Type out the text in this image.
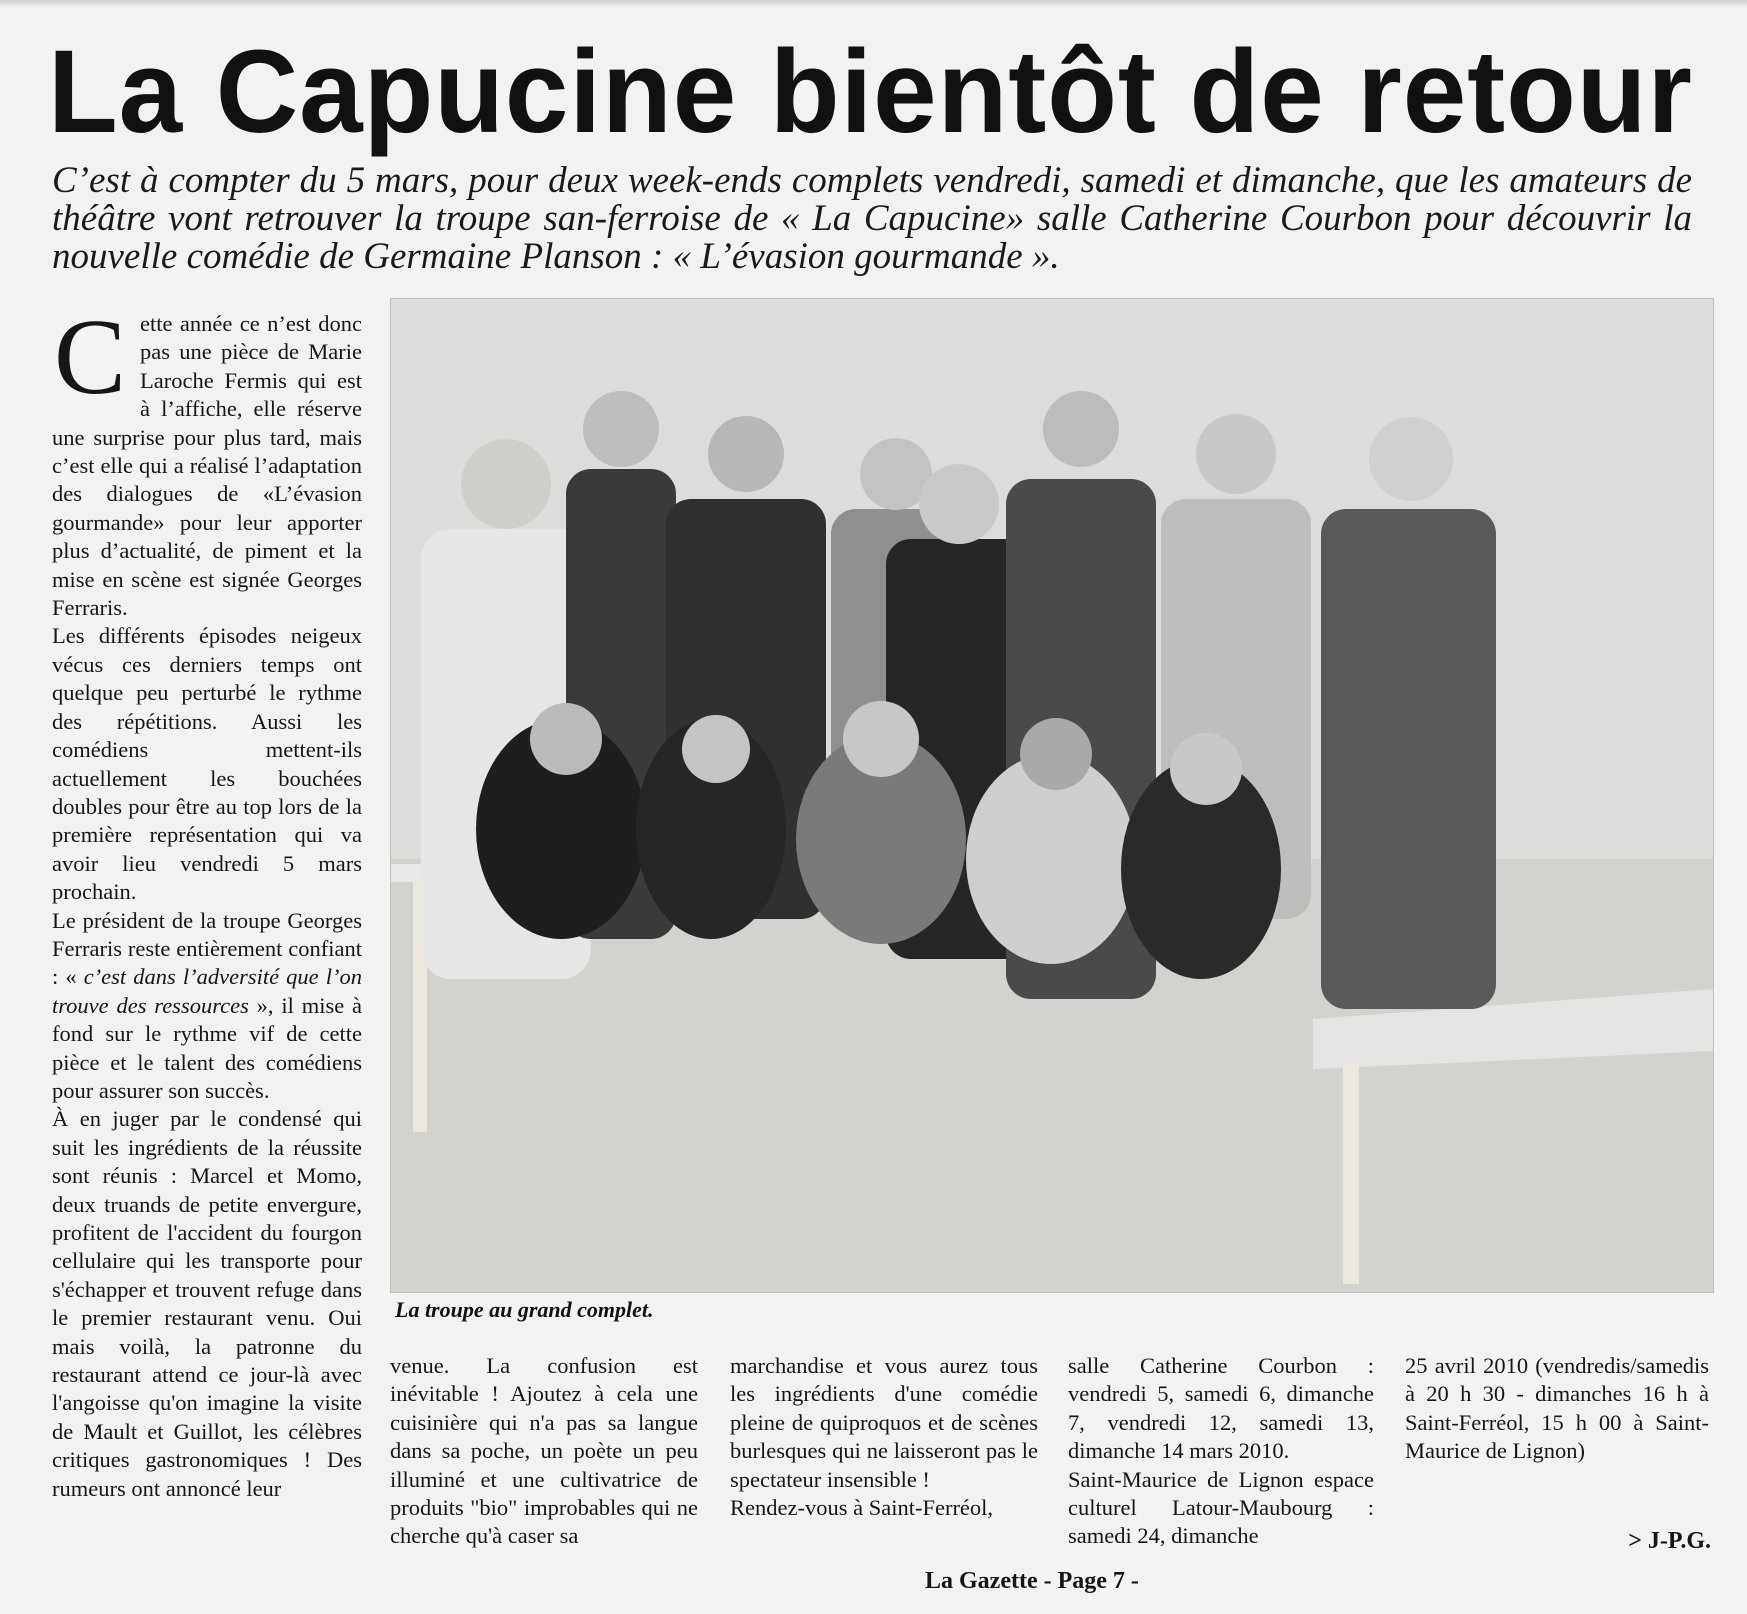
La Capucine bientôt de retour

C’est à compter du 5 mars, pour deux week-ends complets vendredi, samedi et dimanche, que les amateurs de théâtre vont retrouver la troupe san-ferroise de « La Capucine» salle Catherine Courbon pour découvrir la nouvelle comédie de Germaine Planson : « L’évasion gourmande ».

Cette année ce n’est donc pas une pièce de Marie Laroche Fermis qui est à l’affiche, elle réserve une surprise pour plus tard, mais c’est elle qui a réalisé l’adaptation des dialogues de «L’évasion gourmande» pour leur apporter plus d’actualité, de piment et la mise en scène est signée Georges Ferraris.

Les différents épisodes neigeux vécus ces derniers temps ont quelque peu perturbé le rythme des répétitions. Aussi les comédiens mettent-ils actuellement les bouchées doubles pour être au top lors de la première représentation qui va avoir lieu vendredi 5 mars prochain.

Le président de la troupe Georges Ferraris reste entièrement confiant : « c’est dans l’adversité que l’on trouve des ressources », il mise à fond sur le rythme vif de cette pièce et le talent des comédiens pour assurer son succès.

À en juger par le condensé qui suit les ingrédients de la réussite sont réunis : Marcel et Momo, deux truands de petite envergure, profitent de l'accident du fourgon cellulaire qui les transporte pour s'échapper et trouvent refuge dans le premier restaurant venu. Oui mais voilà, la patronne du restaurant attend ce jour-là avec l'angoisse qu'on imagine la visite de Mault et Guillot, les célèbres critiques gastronomiques ! Des rumeurs ont annoncé leur

La troupe au grand complet.

venue. La confusion est inévitable ! Ajoutez à cela une cuisinière qui n'a pas sa langue dans sa poche, un poète un peu illuminé et une cultivatrice de produits "bio" improbables qui ne cherche qu'à caser sa

marchandise et vous aurez tous les ingrédients d'une comédie pleine de quiproquos et de scènes burlesques qui ne laisseront pas le spectateur insensible !

Rendez-vous à Saint-Ferréol,

salle Catherine Courbon : vendredi 5, samedi 6, dimanche 7, vendredi 12, samedi 13, dimanche 14 mars 2010.

Saint-Maurice de Lignon espace culturel Latour-Maubourg : samedi 24, dimanche

25 avril 2010 (vendredis/samedis à 20 h 30 - dimanches 16 h à Saint-Ferréol, 15 h 00 à Saint-Maurice de Lignon)

> J-P.G.
La Gazette - Page 7 -
